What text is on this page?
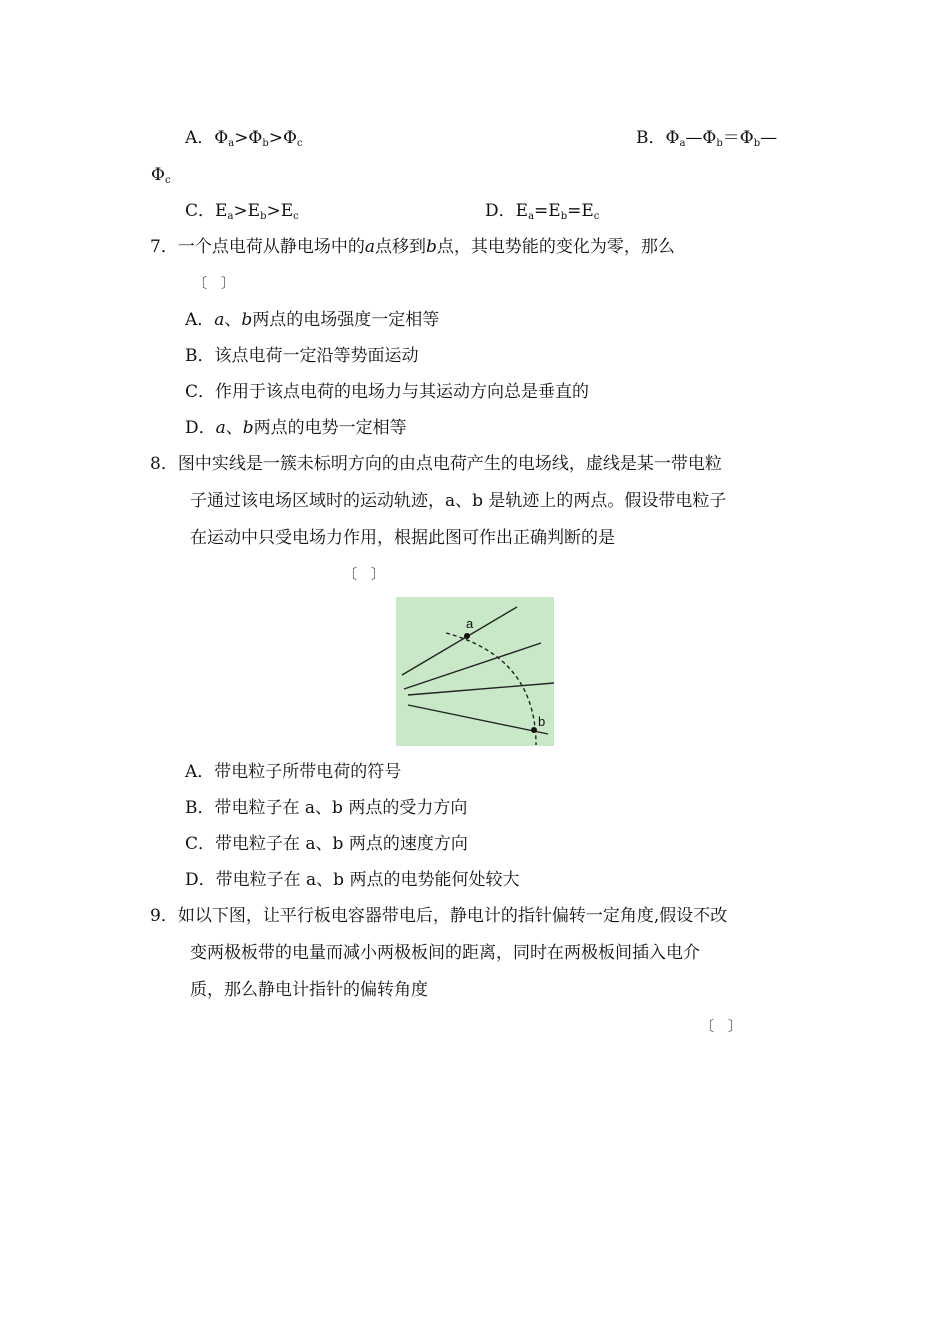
A．$\Phi_a>\Phi_b>\Phi_c$	B．$\Phi_a—\Phi_b=\Phi_b—$
$\Phi_c$
C．$E_a>E_b>E_c$	D．$E_a=E_b=E_c$
7．一个点电荷从静电场中的a点移到b点，其电势能的变化为零，那么
〔　〕
A．a、b两点的电场强度一定相等
B．该点电荷一定沿等势面运动
C．作用于该点电荷的电场力与其运动方向总是垂直的
D．a、b两点的电势一定相等
8．图中实线是一簇未标明方向的由点电荷产生的电场线，虚线是某一带电粒
子通过该电场区域时的运动轨迹，a、b 是轨迹上的两点。假设带电粒子
在运动中只受电场力作用，根据此图可作出正确判断的是
〔　〕
a
b
A．带电粒子所带电荷的符号
B．带电粒子在 a、b 两点的受力方向
C．带电粒子在 a、b 两点的速度方向
D．带电粒子在 a、b 两点的电势能何处较大
9．如以下图，让平行板电容器带电后，静电计的指针偏转一定角度,假设不改
变两极板带的电量而减小两极板间的距离，同时在两极板间插入电介
质，那么静电计指针的偏转角度
〔　〕
